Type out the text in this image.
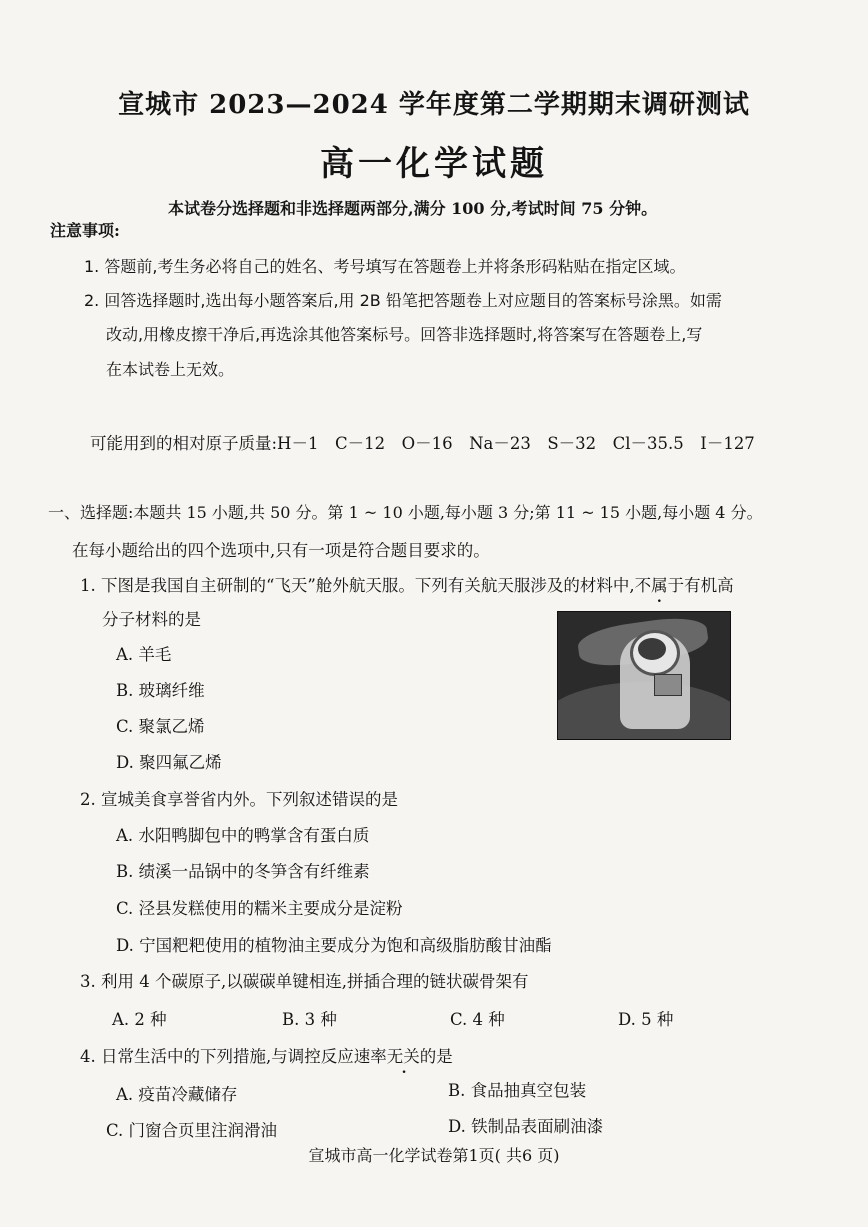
宣城市 2023—2024 学年度第二学期期末调研测试
高一化学试题
本试卷分选择题和非选择题两部分,满分 100 分,考试时间 75 分钟。
注意事项:
1. 答题前,考生务必将自己的姓名、考号填写在答题卷上并将条形码粘贴在指定区域。
2. 回答选择题时,选出每小题答案后,用 2B 铅笔把答题卷上对应题目的答案标号涂黑。如需
改动,用橡皮擦干净后,再选涂其他答案标号。回答非选择题时,将答案写在答题卷上,写
在本试卷上无效。
可能用到的相对原子质量:H－1　C－12　O－16　Na－23　S－32　Cl－35.5　I－127
一、选择题:本题共 15 小题,共 50 分。第 1 ~ 10 小题,每小题 3 分;第 11 ~ 15 小题,每小题 4 分。
在每小题给出的四个选项中,只有一项是符合题目要求的。
1. 下图是我国自主研制的“飞天”舱外航天服。下列有关航天服涉及的材料中,不属于有机高
分子材料的是
A. 羊毛
B. 玻璃纤维
C. 聚氯乙烯
D. 聚四氟乙烯
2. 宣城美食享誉省内外。下列叙述错误的是
A. 水阳鸭脚包中的鸭掌含有蛋白质
B. 绩溪一品锅中的冬笋含有纤维素
C. 泾县发糕使用的糯米主要成分是淀粉
D. 宁国粑粑使用的植物油主要成分为饱和高级脂肪酸甘油酯
3. 利用 4 个碳原子,以碳碳单键相连,拼插合理的链状碳骨架有
A. 2 种	B. 3 种	C. 4 种	D. 5 种
4. 日常生活中的下列措施,与调控反应速率无关的是
A. 疫苗冷藏储存	B. 食品抽真空包装
C. 门窗合页里注润滑油	D. 铁制品表面刷油漆
宣城市高一化学试卷第1页( 共6 页)
